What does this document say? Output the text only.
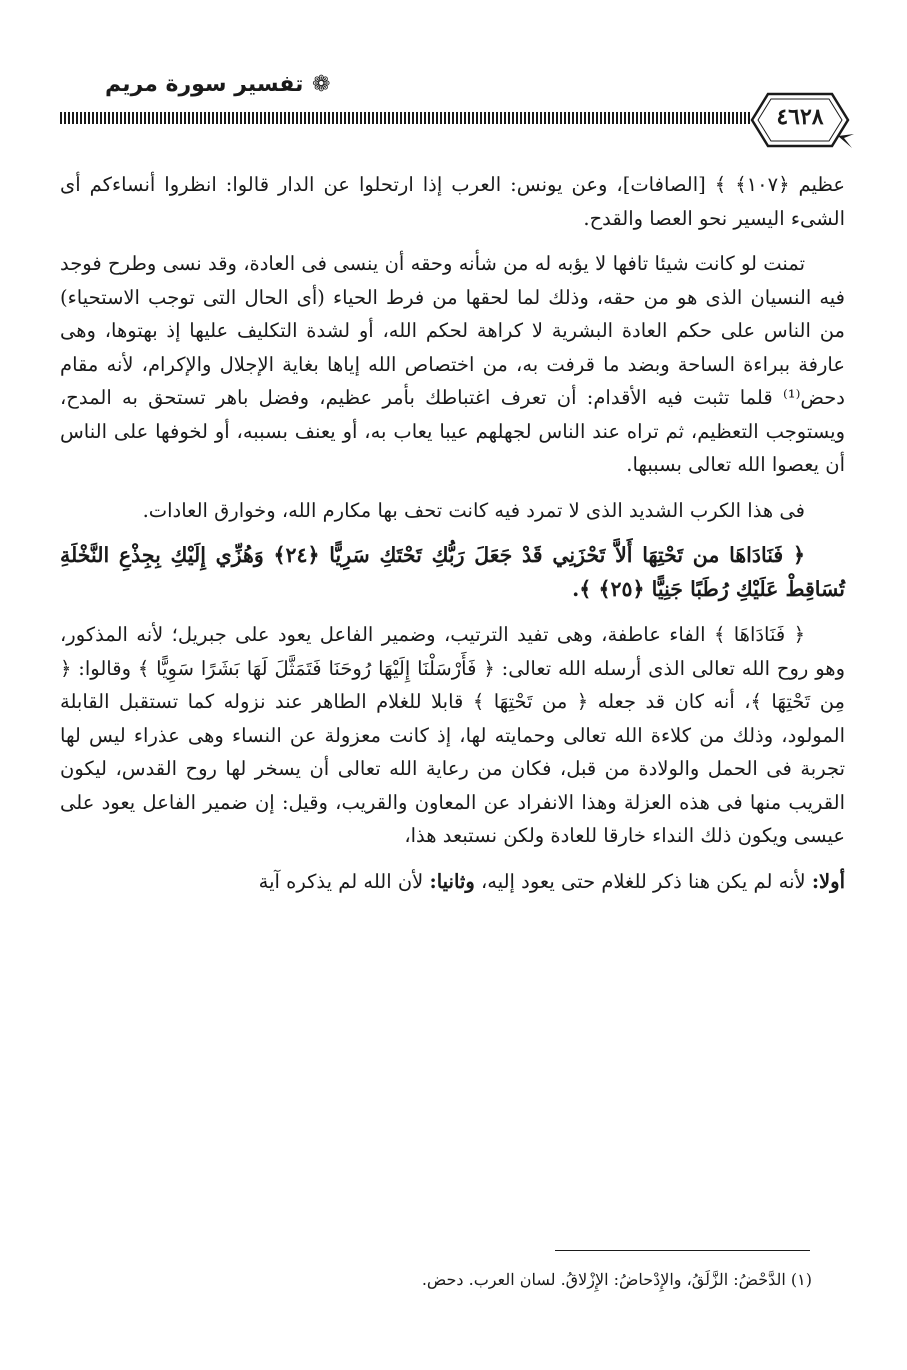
تفسير سورة مريم ❁
٤٦٢٨

عظيم ﴿١٠٧﴾ ﴾ [الصافات]، وعن يونس: العرب إذا ارتحلوا عن الدار قالوا: انظروا أنساءكم أى الشىء اليسير نحو العصا والقدح.

تمنت لو كانت شيئا تافها لا يؤبه له من شأنه وحقه أن ينسى فى العادة، وقد نسى وطرح فوجد فيه النسيان الذى هو من حقه، وذلك لما لحقها من فرط الحياء (أى الحال التى توجب الاستحياء) من الناس على حكم العادة البشرية لا كراهة لحكم الله، أو لشدة التكليف عليها إذ بهتوها، وهى عارفة ببراءة الساحة وبضد ما قرفت به، من اختصاص الله إياها بغاية الإجلال والإكرام، لأنه مقام دحض⁽¹⁾ قلما تثبت فيه الأقدام: أن تعرف اغتباطك بأمر عظيم، وفضل باهر تستحق به المدح، ويستوجب التعظيم، ثم تراه عند الناس لجهلهم عيبا يعاب به، أو يعنف بسببه، أو لخوفها على الناس أن يعصوا الله تعالى بسببها.

فى هذا الكرب الشديد الذى لا تمرد فيه كانت تحف بها مكارم الله، وخوارق العادات.

﴿ فَنَادَاهَا من تَحْتِهَا أَلاَّ تَحْزَنِي قَدْ جَعَلَ رَبُّكِ تَحْتَكِ سَرِيًّا ﴿٢٤﴾ وَهُزِّي إِلَيْكِ بِجِذْعِ النَّخْلَةِ تُسَاقِطْ عَلَيْكِ رُطَبًا جَنِيًّا ﴿٢٥﴾ ﴾.

﴿ فَنَادَاهَا ﴾ الفاء عاطفة، وهى تفيد الترتيب، وضمير الفاعل يعود على جبريل؛ لأنه المذكور، وهو روح الله تعالى الذى أرسله الله تعالى: ﴿ فَأَرْسَلْنَا إِلَيْهَا رُوحَنَا فَتَمَثَّلَ لَهَا بَشَرًا سَوِيًّا ﴾ وقالوا: ﴿ مِن تَحْتِهَا ﴾، أنه كان قد جعله ﴿ من تَحْتِهَا ﴾ قابلا للغلام الطاهر عند نزوله كما تستقبل القابلة المولود، وذلك من كلاءة الله تعالى وحمايته لها، إذ كانت معزولة عن النساء وهى عذراء ليس لها تجربة فى الحمل والولادة من قبل، فكان من رعاية الله تعالى أن يسخر لها روح القدس، ليكون القريب منها فى هذه العزلة وهذا الانفراد عن المعاون والقريب، وقيل: إن ضمير الفاعل يعود على عيسى ويكون ذلك النداء خارقا للعادة ولكن نستبعد هذا،

أولا: لأنه لم يكن هنا ذكر للغلام حتى يعود إليه، وثانيا: لأن الله لم يذكره آية

(١) الدَّحْضُ: الزَّلَقُ، والإِدْحاضُ: الإِزْلاقُ. لسان العرب. دحض.
